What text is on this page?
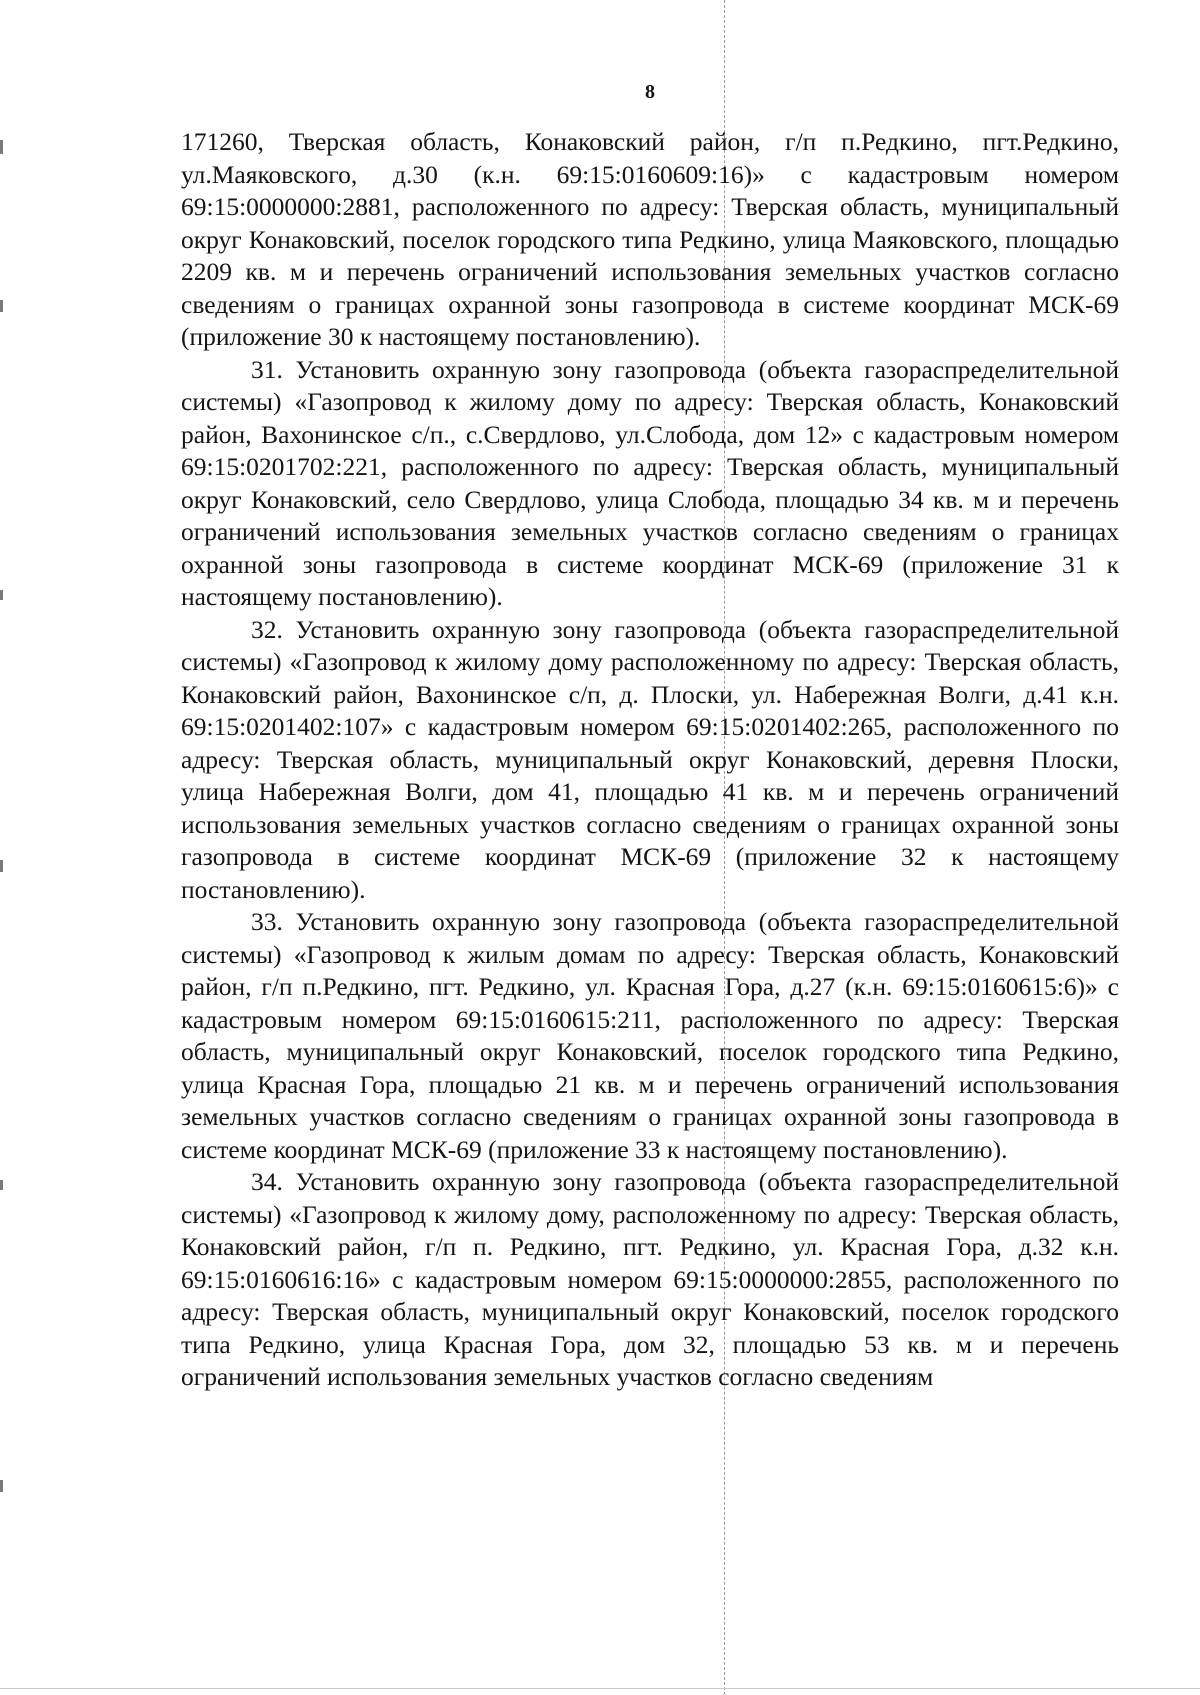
8

171260, Тверская область, Конаковский район, г/п п.Редкино, пгт.Редкино, ул.Маяковского, д.30 (к.н. 69:15:0160609:16)» с кадастровым номером 69:15:0000000:2881, расположенного по адресу: Тверская область, муниципальный округ Конаковский, поселок городского типа Редкино, улица Маяковского, площадью 2209 кв. м и перечень ограничений использования земельных участков согласно сведениям о границах охранной зоны газопровода в системе координат МСК-69 (приложение 30 к настоящему постановлению).

31. Установить охранную зону газопровода (объекта газораспределительной системы) «Газопровод к жилому дому по адресу: Тверская область, Конаковский район, Вахонинское с/п., с.Свердлово, ул.Слобода, дом 12» с кадастровым номером 69:15:0201702:221, расположенного по адресу: Тверская область, муниципальный округ Конаковский, село Свердлово, улица Слобода, площадью 34 кв. м и перечень ограничений использования земельных участков согласно сведениям о границах охранной зоны газопровода в системе координат МСК-69 (приложение 31 к настоящему постановлению).

32. Установить охранную зону газопровода (объекта газораспределительной системы) «Газопровод к жилому дому расположенному по адресу: Тверская область, Конаковский район, Вахонинское с/п, д. Плоски, ул. Набережная Волги, д.41 к.н. 69:15:0201402:107» с кадастровым номером 69:15:0201402:265, расположенного по адресу: Тверская область, муниципальный округ Конаковский, деревня Плоски, улица Набережная Волги, дом 41, площадью 41 кв. м и перечень ограничений использования земельных участков согласно сведениям о границах охранной зоны газопровода в системе координат МСК-69 (приложение 32 к настоящему постановлению).

33. Установить охранную зону газопровода (объекта газораспределительной системы) «Газопровод к жилым домам по адресу: Тверская область, Конаковский район, г/п п.Редкино, пгт. Редкино, ул. Красная Гора, д.27 (к.н. 69:15:0160615:6)» с кадастровым номером 69:15:0160615:211, расположенного по адресу: Тверская область, муниципальный округ Конаковский, поселок городского типа Редкино, улица Красная Гора, площадью 21 кв. м и перечень ограничений использования земельных участков согласно сведениям о границах охранной зоны газопровода в системе координат МСК-69 (приложение 33 к настоящему постановлению).

34. Установить охранную зону газопровода (объекта газораспределительной системы) «Газопровод к жилому дому, расположенному по адресу: Тверская область, Конаковский район, г/п п. Редкино, пгт. Редкино, ул. Красная Гора, д.32 к.н. 69:15:0160616:16» с кадастровым номером 69:15:0000000:2855, расположенного по адресу: Тверская область, муниципальный округ Конаковский, поселок городского типа Редкино, улица Красная Гора, дом 32, площадью 53 кв. м и перечень ограничений использования земельных участков согласно сведениям
